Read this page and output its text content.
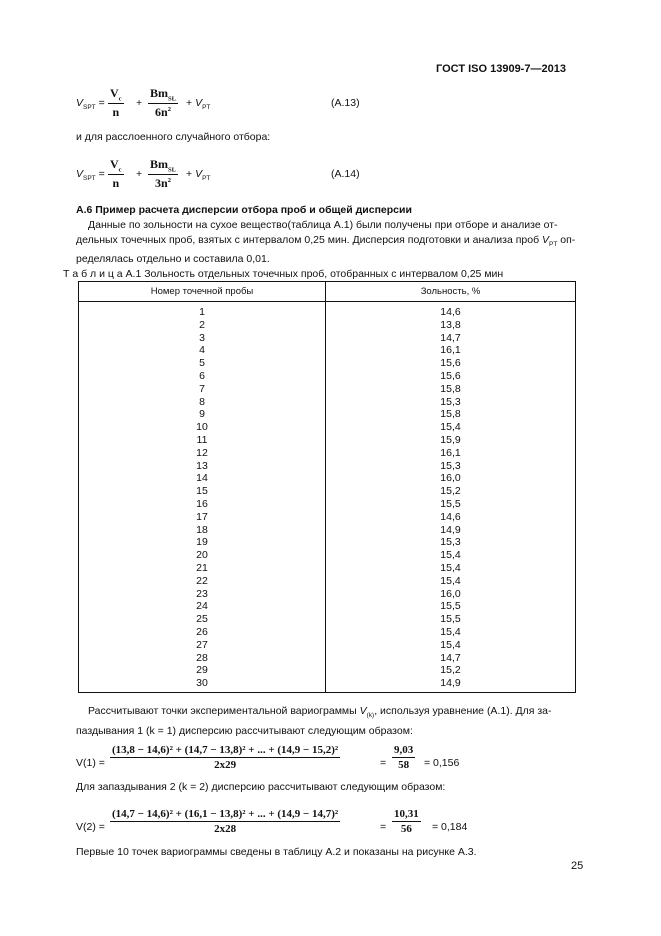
ГОСТ ISO 13909-7—2013
$V_{SPT} = \frac{V_c}{n}$ +
$Bm_{SL}$
$6n^2$
+ $V_{PT}$	(A.13)
и для расслоенного случайного отбора:
$V_{SPT} = \frac{V_c}{n}$ +
$Bm_{SL}$
$3n^2$
+ $V_{PT}$	(A.14)
А.6 Пример расчета дисперсии отбора проб и общей дисперсии
Данные по зольности на сухое вещество(таблица А.1) были получены при отборе и анализе от-
дельных точечных проб, взятых с интервалом 0,25 мин. Дисперсия подготовки и анализа проб $V_{PT}$ оп-
ределялась отдельно и составила 0,01.
Т а б л и ц а А.1 Зольность отдельных точечных проб, отобранных с интервалом 0,25 мин
Номер точечной пробы	Зольность, %
1	14,6
2	13,8
3	14,7
4	16,1
5	15,6
6	15,6
7	15,8
8	15,3
9	15,8
10	15,4
11	15,9
12	16,1
13	15,3
14	16,0
15	15,2
16	15,5
17	14,6
18	14,9
19	15,3
20	15,4
21	15,4
22	15,4
23	16,0
24	15,5
25	15,5
26	15,4
27	15,4
28	14,7
29	15,2
30	14,9
Рассчитывают точки экспериментальной вариограммы $V_{(k)}$, используя уравнение (А.1). Для за-
паздывания 1 (k = 1) дисперсию рассчитывают следующим образом:
$V(1) = \frac{\text{(13,8 − 14,6)² + (14,7 − 13,8)² + ... + (14,9 − 15,2)²}}{2x29}$	= $\frac{9,03}{58} = 0,156$
Для запаздывания 2 (k = 2) дисперсию рассчитывают следующим образом:
$V(2) = \frac{\text{(14,7 − 14,6)² + (16,1 − 13,8)² + ... + (14,9 − 14,7)²}}{2x28}$	= $\frac{10,31}{56} = 0,184$
Первые 10 точек вариограммы сведены в таблицу А.2 и показаны на рисунке А.3.
25
